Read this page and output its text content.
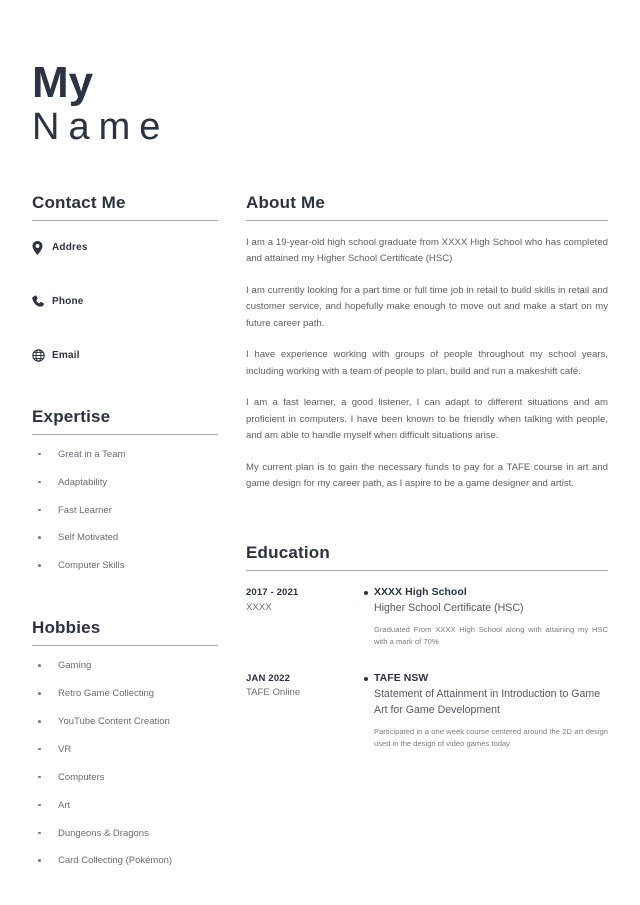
My
Name
Contact Me
Addres
Phone
Email
Expertise
Great in a Team
Adaptability
Fast Learner
Self Motivated
Computer Skills
Hobbies
Gaming
Retro Game Collecting
YouTube Content Creation
VR
Computers
Art
Dungeons & Dragons
Card Collecting (Pokémon)
About Me

I am a 19-year-old high school graduate from XXXX High School who has completed and attained my Higher School Certificate (HSC)

I am currently looking for a part time or full time job in retail to build skills in retail and customer service, and hopefully make enough to move out and make a start on my future career path.

I have experience working with groups of people throughout my school years, including working with a team of people to plan, build and run a makeshift café.

I am a fast learner, a good listener, I can adapt to different situations and am proficient in computers. I have been known to be friendly when talking with people, and am able to handle myself when difficult situations arise.

My current plan is to gain the necessary funds to pay for a TAFE course in art and game design for my career path, as I aspire to be a game designer and artist.

Education
2017 - 2021
XXXX
XXXX High School
Higher School Certificate (HSC)
Graduated From XXXX High School along with attaining my HSC with a mark of 70%
JAN 2022
TAFE Online
TAFE NSW
Statement of Attainment in Introduction to Game Art for Game Development
Participated in a one week course centered around the 2D art design used in the design of video games today
